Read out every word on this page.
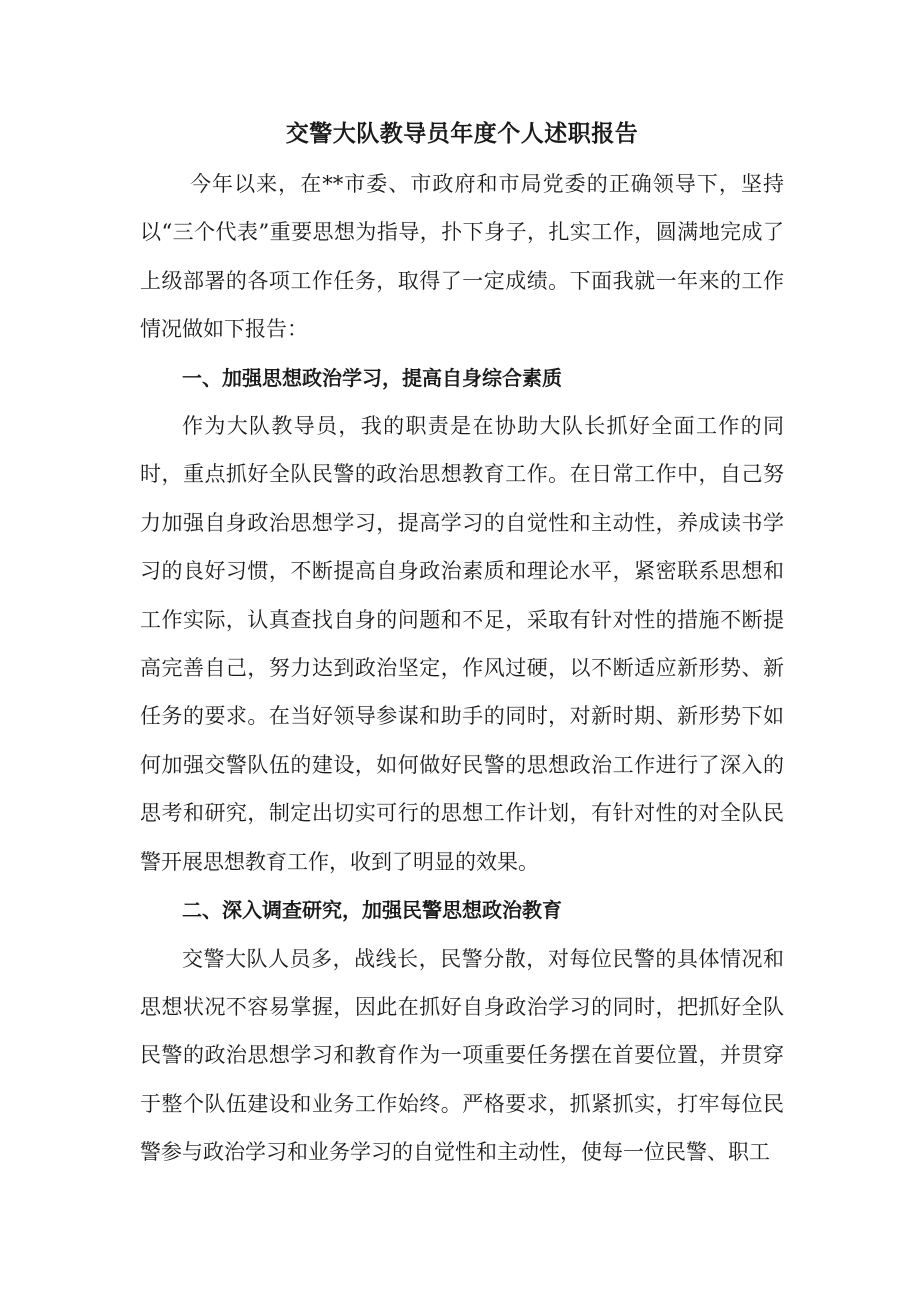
交警大队教导员年度个人述职报告

今年以来，在**市委、市政府和市局党委的正确领导下，坚持以“三个代表”重要思想为指导，扑下身子，扎实工作，圆满地完成了上级部署的各项工作任务，取得了一定成绩。下面我就一年来的工作情况做如下报告：

一、加强思想政治学习，提高自身综合素质

作为大队教导员，我的职责是在协助大队长抓好全面工作的同时，重点抓好全队民警的政治思想教育工作。在日常工作中，自己努力加强自身政治思想学习，提高学习的自觉性和主动性，养成读书学习的良好习惯，不断提高自身政治素质和理论水平，紧密联系思想和工作实际，认真查找自身的问题和不足，采取有针对性的措施不断提高完善自己，努力达到政治坚定，作风过硬，以不断适应新形势、新任务的要求。在当好领导参谋和助手的同时，对新时期、新形势下如何加强交警队伍的建设，如何做好民警的思想政治工作进行了深入的思考和研究，制定出切实可行的思想工作计划，有针对性的对全队民警开展思想教育工作，收到了明显的效果。

二、深入调查研究，加强民警思想政治教育

交警大队人员多，战线长，民警分散，对每位民警的具体情况和思想状况不容易掌握，因此在抓好自身政治学习的同时，把抓好全队民警的政治思想学习和教育作为一项重要任务摆在首要位置，并贯穿于整个队伍建设和业务工作始终。严格要求，抓紧抓实，打牢每位民警参与政治学习和业务学习的自觉性和主动性，使每一位民警、职工
